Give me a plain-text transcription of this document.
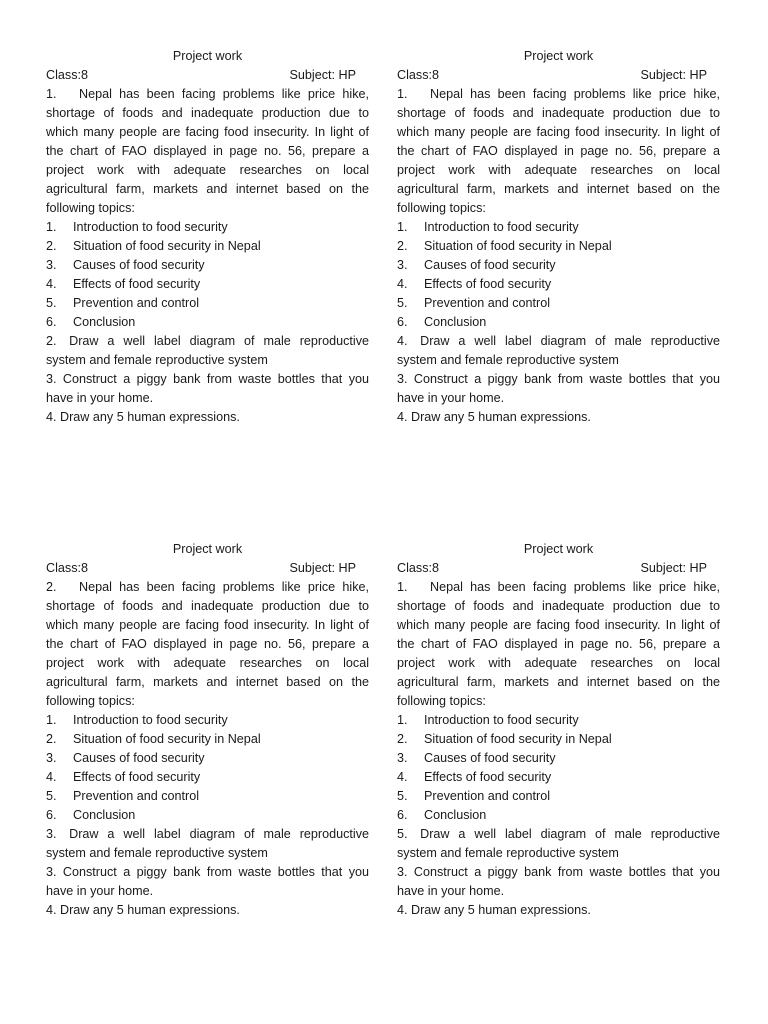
Project work
Class:8	Subject: HP
1. Nepal has been facing problems like price hike, shortage of foods and inadequate production due to which many people are facing food insecurity. In light of the chart of FAO displayed in page no. 56, prepare a project work with adequate researches on local agricultural farm, markets and internet based on the following topics:
1.	Introduction to food security
2.	Situation of food security in Nepal
3.	Causes of food security
4.	Effects of food security
5.	Prevention and control
6.	Conclusion
2. Draw a well label diagram of male reproductive system and female reproductive system
3. Construct a piggy bank from waste bottles that you have in your home.
4. Draw any 5 human expressions.
Project work
Class:8	Subject: HP
1. Nepal has been facing problems like price hike, shortage of foods and inadequate production due to which many people are facing food insecurity. In light of the chart of FAO displayed in page no. 56, prepare a project work with adequate researches on local agricultural farm, markets and internet based on the following topics:
1.	Introduction to food security
2.	Situation of food security in Nepal
3.	Causes of food security
4.	Effects of food security
5.	Prevention and control
6.	Conclusion
4. Draw a well label diagram of male reproductive system and female reproductive system
3. Construct a piggy bank from waste bottles that you have in your home.
4. Draw any 5 human expressions.
Project work
Class:8	Subject: HP
2. Nepal has been facing problems like price hike, shortage of foods and inadequate production due to which many people are facing food insecurity. In light of the chart of FAO displayed in page no. 56, prepare a project work with adequate researches on local agricultural farm, markets and internet based on the following topics:
1.	Introduction to food security
2.	Situation of food security in Nepal
3.	Causes of food security
4.	Effects of food security
5.	Prevention and control
6.	Conclusion
3. Draw a well label diagram of male reproductive system and female reproductive system
3. Construct a piggy bank from waste bottles that you have in your home.
4. Draw any 5 human expressions.
Project work
Class:8	Subject: HP
1. Nepal has been facing problems like price hike, shortage of foods and inadequate production due to which many people are facing food insecurity. In light of the chart of FAO displayed in page no. 56, prepare a project work with adequate researches on local agricultural farm, markets and internet based on the following topics:
1.	Introduction to food security
2.	Situation of food security in Nepal
3.	Causes of food security
4.	Effects of food security
5.	Prevention and control
6.	Conclusion
5. Draw a well label diagram of male reproductive system and female reproductive system
3. Construct a piggy bank from waste bottles that you have in your home.
4. Draw any 5 human expressions.
